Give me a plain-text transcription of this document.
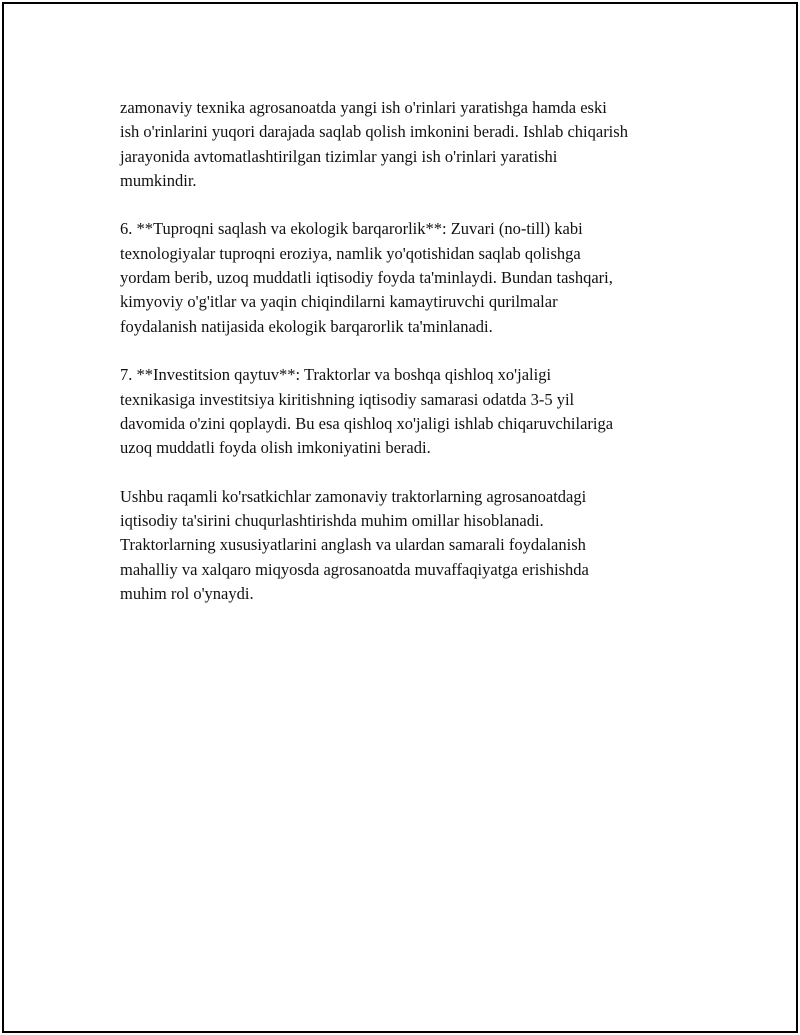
zamonaviy texnika agrosanoatda yangi ish o'rinlari yaratishga hamda eski
ish o'rinlarini yuqori darajada saqlab qolish imkonini beradi. Ishlab chiqarish
jarayonida avtomatlashtirilgan tizimlar yangi ish o'rinlari yaratishi
mumkindir.

6. **Tuproqni saqlash va ekologik barqarorlik**: Zuvari (no-till) kabi
texnologiyalar tuproqni eroziya, namlik yo'qotishidan saqlab qolishga
yordam berib, uzoq muddatli iqtisodiy foyda ta'minlaydi. Bundan tashqari,
kimyoviy o'g'itlar va yaqin chiqindilarni kamaytiruvchi qurilmalar
foydalanish natijasida ekologik barqarorlik ta'minlanadi.

7. **Investitsion qaytuv**: Traktorlar va boshqa qishloq xo'jaligi
texnikasiga investitsiya kiritishning iqtisodiy samarasi odatda 3-5 yil
davomida o'zini qoplaydi. Bu esa qishloq xo'jaligi ishlab chiqaruvchilariga
uzoq muddatli foyda olish imkoniyatini beradi.

Ushbu raqamli ko'rsatkichlar zamonaviy traktorlarning agrosanoatdagi
iqtisodiy ta'sirini chuqurlashtirishda muhim omillar hisoblanadi.
Traktorlarning xususiyatlarini anglash va ulardan samarali foydalanish
mahalliy va xalqaro miqyosda agrosanoatda muvaffaqiyatga erishishda
muhim rol o'ynaydi.
